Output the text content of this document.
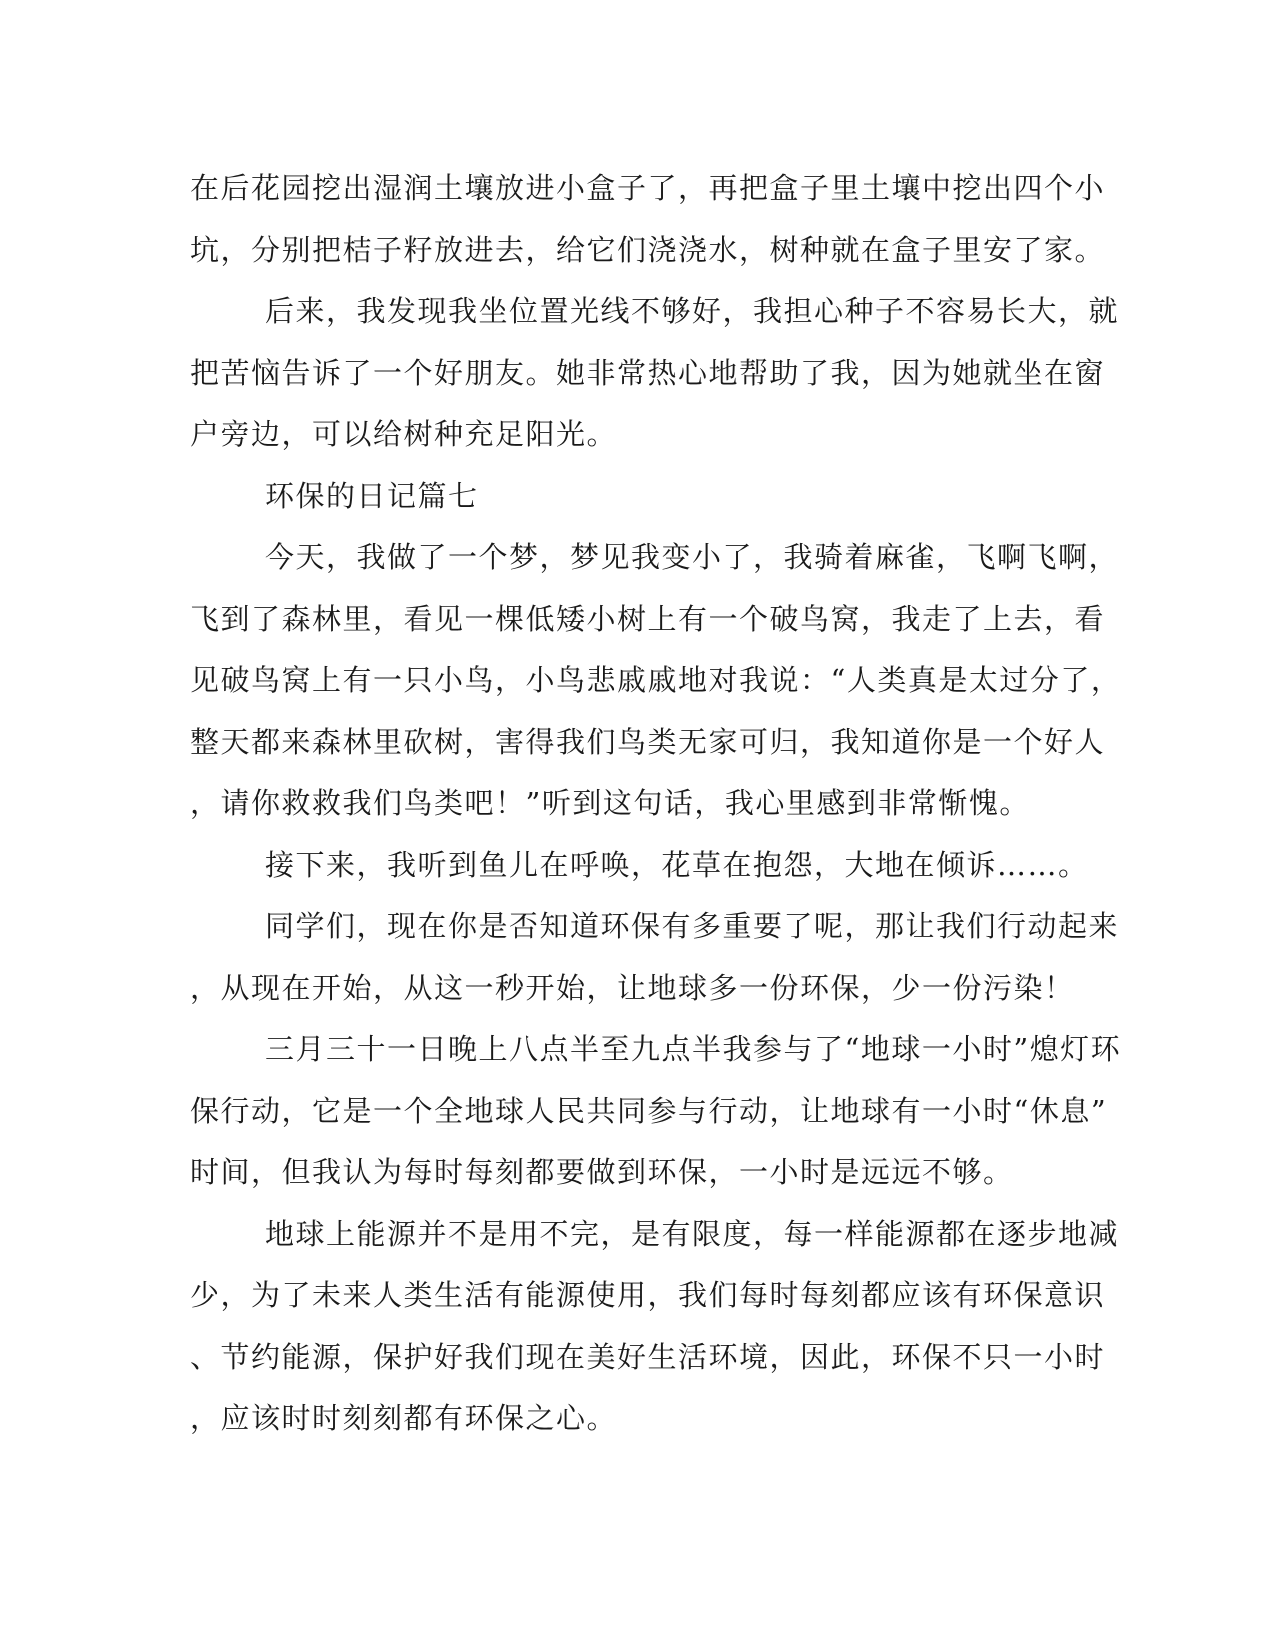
在后花园挖出湿润土壤放进小盒子了，再把盒子里土壤中挖出四个小
坑，分别把桔子籽放进去，给它们浇浇水，树种就在盒子里安了家。
后来，我发现我坐位置光线不够好，我担心种子不容易长大，就
把苦恼告诉了一个好朋友。她非常热心地帮助了我，因为她就坐在窗
户旁边，可以给树种充足阳光。
环保的日记篇七
今天，我做了一个梦，梦见我变小了，我骑着麻雀，飞啊飞啊，
飞到了森林里，看见一棵低矮小树上有一个破鸟窝，我走了上去，看
见破鸟窝上有一只小鸟，小鸟悲戚戚地对我说：“人类真是太过分了，
整天都来森林里砍树，害得我们鸟类无家可归，我知道你是一个好人
，请你救救我们鸟类吧！”听到这句话，我心里感到非常惭愧。
接下来，我听到鱼儿在呼唤，花草在抱怨，大地在倾诉……。
同学们，现在你是否知道环保有多重要了呢，那让我们行动起来
，从现在开始，从这一秒开始，让地球多一份环保，少一份污染！
三月三十一日晚上八点半至九点半我参与了“地球一小时”熄灯环
保行动，它是一个全地球人民共同参与行动，让地球有一小时“休息”
时间，但我认为每时每刻都要做到环保，一小时是远远不够。
地球上能源并不是用不完，是有限度，每一样能源都在逐步地减
少，为了未来人类生活有能源使用，我们每时每刻都应该有环保意识
、节约能源，保护好我们现在美好生活环境，因此，环保不只一小时
，应该时时刻刻都有环保之心。
